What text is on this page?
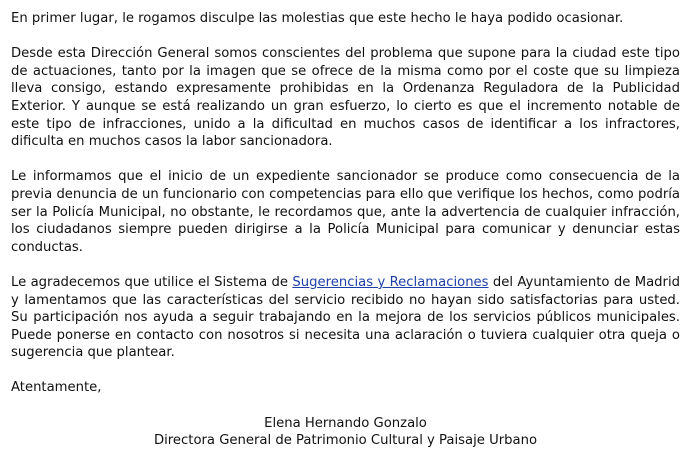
En primer lugar, le rogamos disculpe las molestias que este hecho le haya podido ocasionar.

Desde esta Dirección General somos conscientes del problema que supone para la ciudad este tipo de actuaciones, tanto por la imagen que se ofrece de la misma como por el coste que su limpieza lleva consigo, estando expresamente prohibidas en la Ordenanza Reguladora de la Publicidad Exterior. Y aunque se está realizando un gran esfuerzo, lo cierto es que el incremento notable de este tipo de infracciones, unido a la dificultad en muchos casos de identificar a los infractores, dificulta en muchos casos la labor sancionadora.

Le informamos que el inicio de un expediente sancionador se produce como consecuencia de la previa denuncia de un funcionario con competencias para ello que verifique los hechos, como podría ser la Policía Municipal, no obstante, le recordamos que, ante la advertencia de cualquier infracción, los ciudadanos siempre pueden dirigirse a la Policía Municipal para comunicar y denunciar estas conductas.

Le agradecemos que utilice el Sistema de Sugerencias y Reclamaciones del Ayuntamiento de Madrid y lamentamos que las características del servicio recibido no hayan sido satisfactorias para usted. Su participación nos ayuda a seguir trabajando en la mejora de los servicios públicos municipales. Puede ponerse en contacto con nosotros si necesita una aclaración o tuviera cualquier otra queja o sugerencia que plantear.

Atentamente,

Elena Hernando Gonzalo
Directora General de Patrimonio Cultural y Paisaje Urbano
